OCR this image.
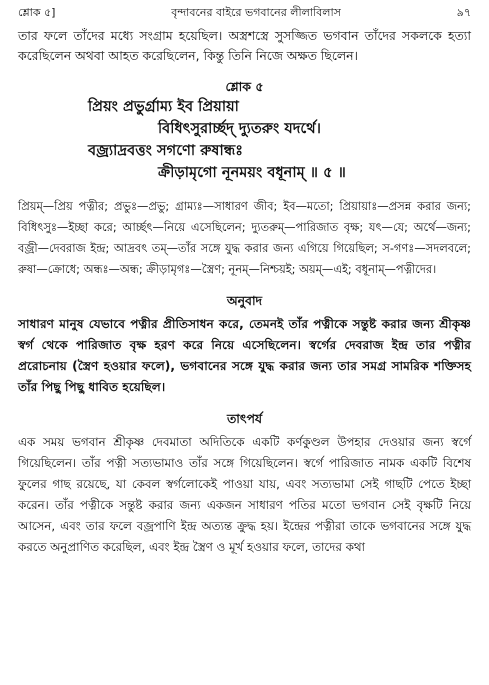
শ্লোক ৫]	বৃন্দাবনের বাইরে ভগবানের লীলাবিলাস	৯৭

তার ফলে তাঁদের মধ্যে সংগ্রাম হয়েছিল। অস্ত্রশস্ত্রে সুসজ্জিত ভগবান তাঁদের সকলকে হত্যা করেছিলেন অথবা আহত করেছিলেন, কিন্তু তিনি নিজে অক্ষত ছিলেন।

শ্লোক ৫
প্রিয়ং প্রভুর্গ্রাম্য ইব প্রিয়ায়া
বিধিৎসুরার্চ্ছদ্ দ্যুতরুং যদর্থে।
বজ্র্যাদ্রবত্তং সগণো রুষান্ধঃ
ক্রীড়ামৃগো নূনময়ং বধূনাম্ ॥ ৫ ॥

প্রিয়ম্—প্রিয় পত্নীর; প্রভুঃ—প্রভু; গ্রাম্যঃ—সাধারণ জীব; ইব—মতো; প্রিয়ায়াঃ—প্রসন্ন করার জন্য; বিধিৎসুঃ—ইচ্ছা করে; আর্চ্ছৎ—নিয়ে এসেছিলেন; দ্যুতরুম্—পারিজাত বৃক্ষ; যৎ—যে; অর্থে—জন্য; বজ্রী—দেবরাজ ইন্দ্র; আদ্রবৎ তম্—তাঁর সঙ্গে যুদ্ধ করার জন্য এগিয়ে গিয়েছিল; স-গণঃ—সদলবলে; রুষা—ক্রোধে; অন্ধঃ—অন্ধ; ক্রীড়ামৃগঃ—স্ত্রৈণ; নূনম্—নিশ্চয়ই; অয়ম্—এই; বধূনাম্—পত্নীদের।

অনুবাদ

সাধারণ মানুষ যেভাবে পত্নীর প্রীতিসাধন করে, তেমনই তাঁর পত্নীকে সন্তুষ্ট করার জন্য শ্রীকৃষ্ণ স্বর্গ থেকে পারিজাত বৃক্ষ হরণ করে নিয়ে এসেছিলেন। স্বর্গের দেবরাজ ইন্দ্র তার পত্নীর প্ররোচনায় (স্ত্রৈণ হওয়ার ফলে), ভগবানের সঙ্গে যুদ্ধ করার জন্য তার সমগ্র সামরিক শক্তিসহ তাঁর পিছু পিছু ধাবিত হয়েছিল।

তাৎপর্য

এক সময় ভগবান শ্রীকৃষ্ণ দেবমাতা অদিতিকে একটি কর্ণকুণ্ডল উপহার দেওয়ার জন্য স্বর্গে গিয়েছিলেন। তাঁর পত্নী সত্যভামাও তাঁর সঙ্গে গিয়েছিলেন। স্বর্গে পারিজাত নামক একটি বিশেষ ফুলের গাছ রয়েছে, যা কেবল স্বর্গলোকেই পাওয়া যায়, এবং সত্যভামা সেই গাছটি পেতে ইচ্ছা করেন। তাঁর পত্নীকে সন্তুষ্ট করার জন্য একজন সাধারণ পতির মতো ভগবান সেই বৃক্ষটি নিয়ে আসেন, এবং তার ফলে বজ্রপাণি ইন্দ্র অত্যন্ত ক্রুদ্ধ হয়। ইন্দ্রের পত্নীরা তাকে ভগবানের সঙ্গে যুদ্ধ করতে অনুপ্রাণিত করেছিল, এবং ইন্দ্র স্ত্রৈণ ও মূর্খ হওয়ার ফলে, তাদের কথা
